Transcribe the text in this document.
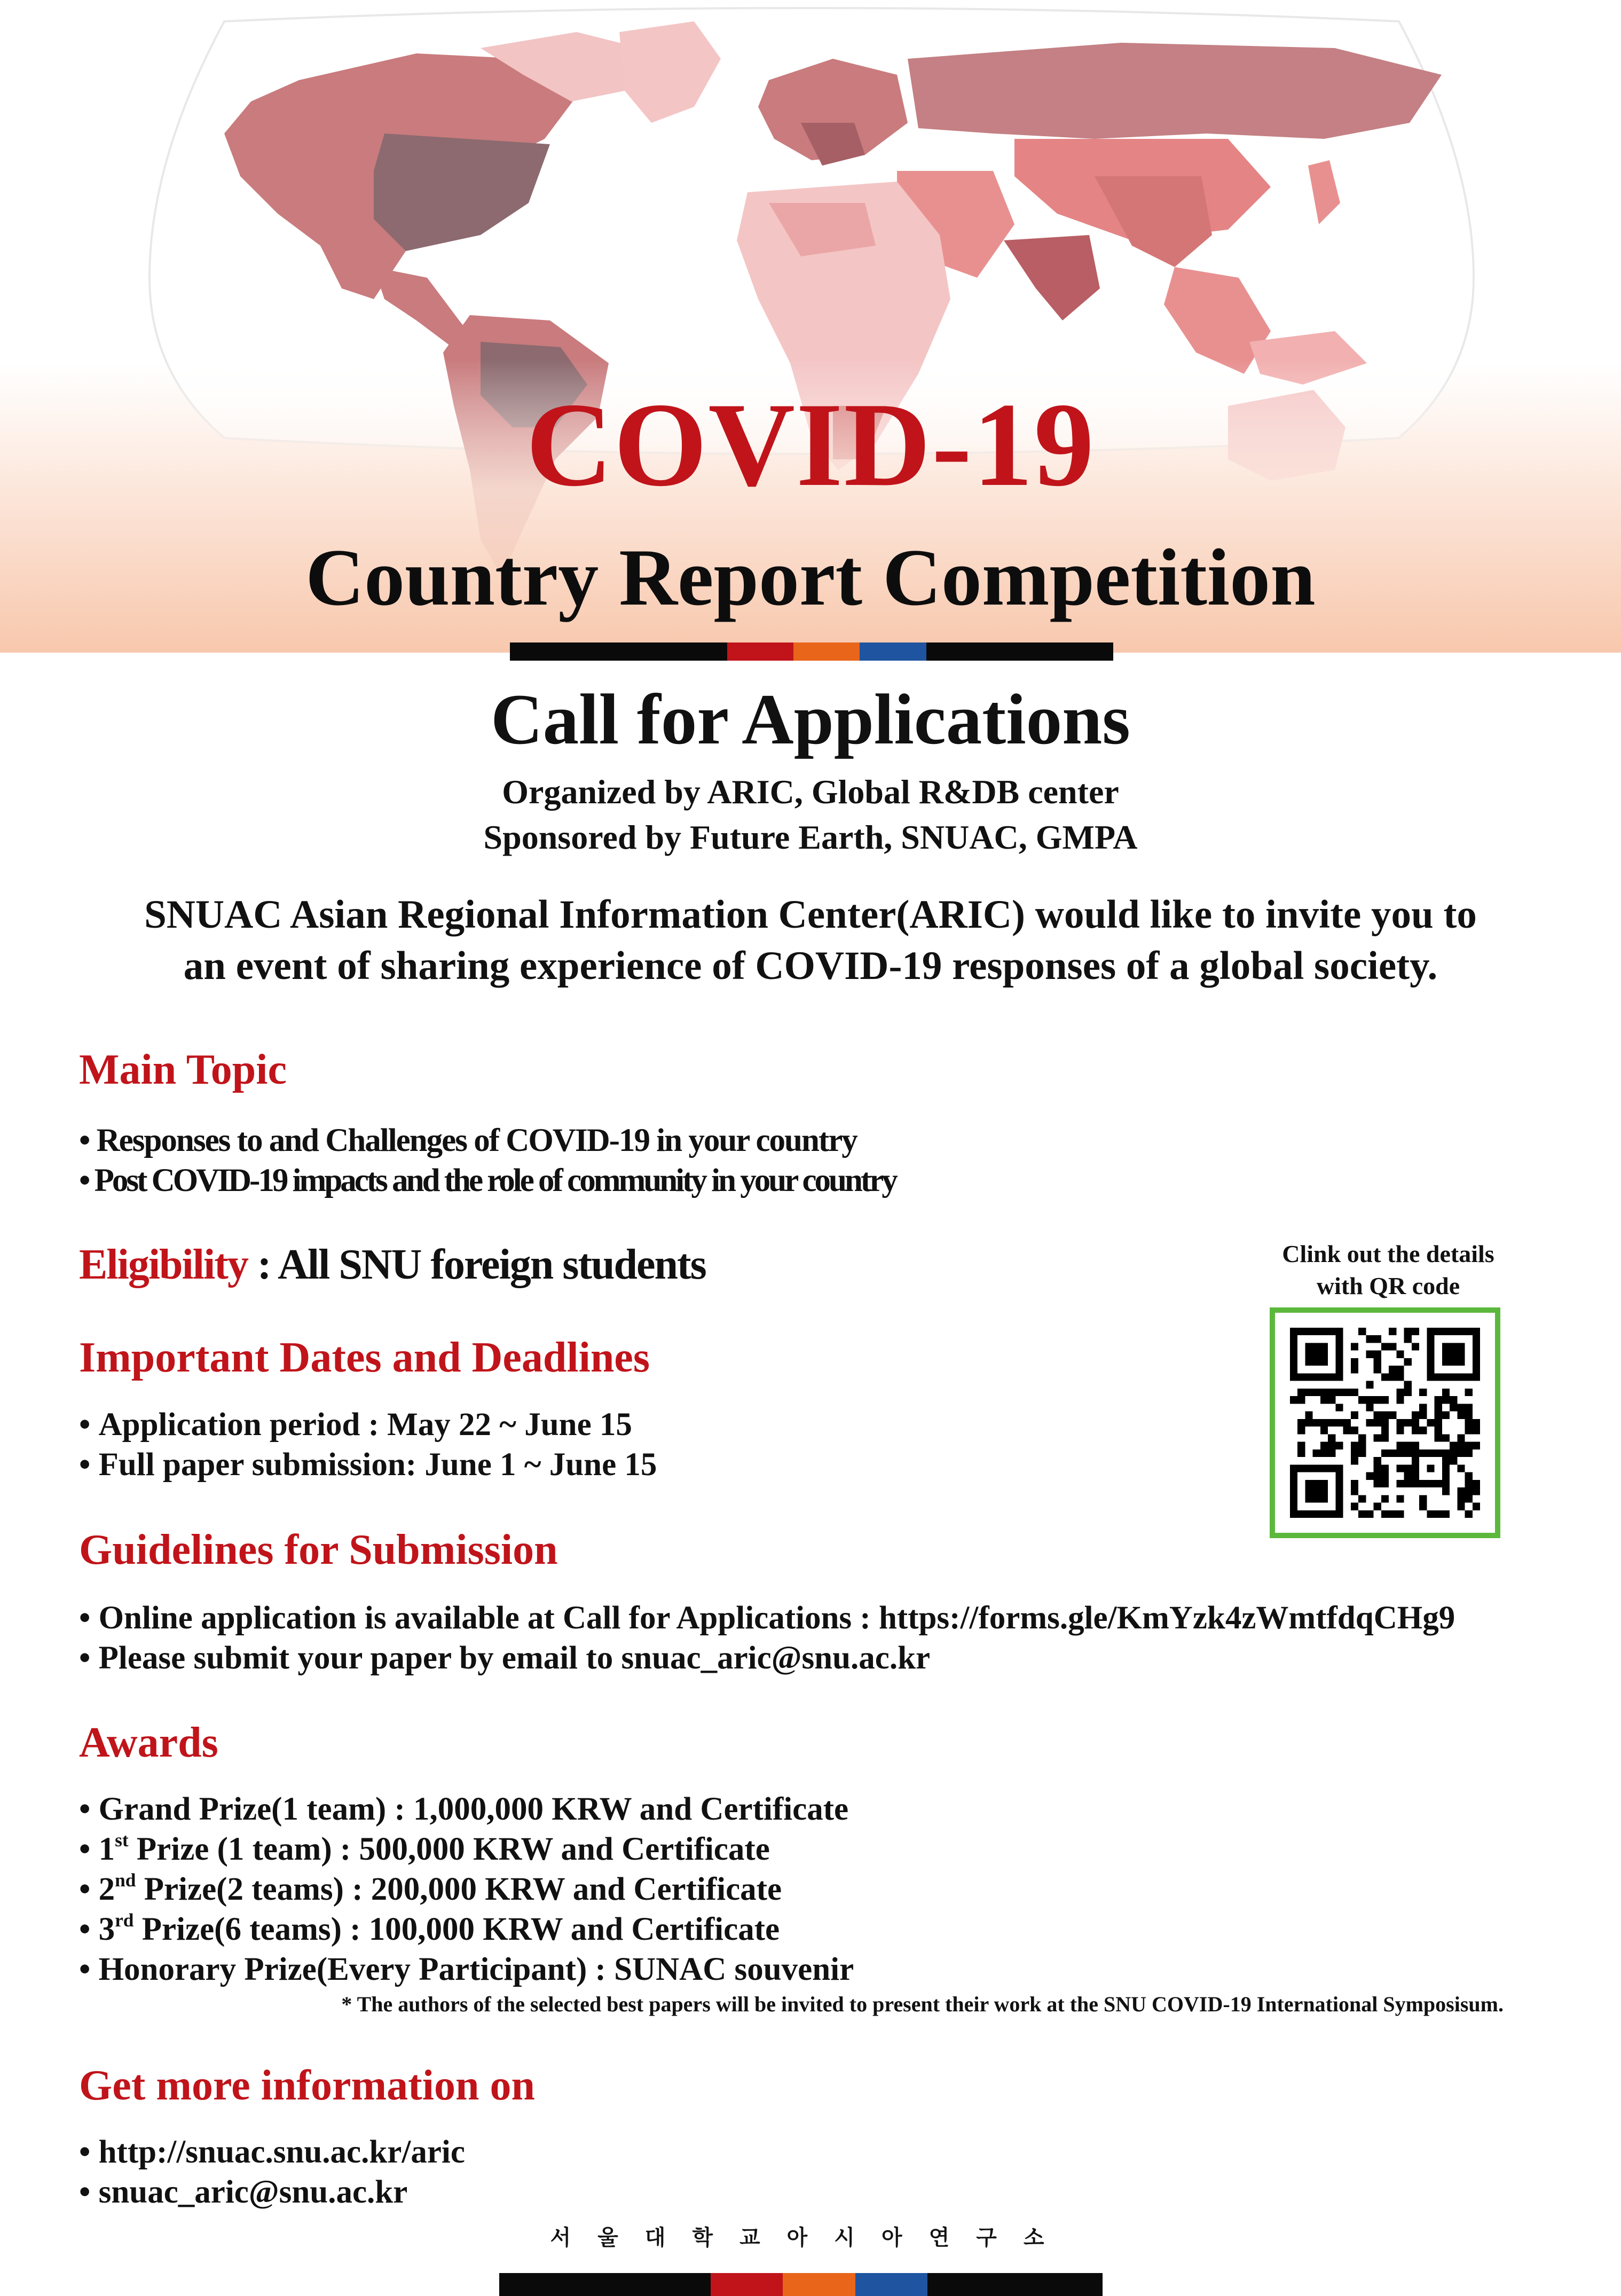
COVID-19
Country Report Competition
Call for Applications
Organized by ARIC, Global R&DB center
Sponsored by Future Earth, SNUAC, GMPA
SNUAC Asian Regional Information Center(ARIC) would like to invite you to
an event of sharing experience of COVID-19 responses of a global society.
Main Topic
• Responses to and Challenges of COVID-19 in your country
• Post COVID-19 impacts and the role of community in your country
Eligibility : All SNU foreign students	Clink out the details
with QR code
Important Dates and Deadlines
• Application period : May 22 ~ June 15
• Full paper submission: June 1 ~ June 15
Guidelines for Submission
• Online application is available at Call for Applications : https://forms.gle/KmYzk4zWmtfdqCHg9
• Please submit your paper by email to snuac_aric@snu.ac.kr
Awards
• Grand Prize(1 team) : 1,000,000 KRW and Certificate
• 1st Prize (1 team) : 500,000 KRW and Certificate
• 2nd Prize(2 teams) : 200,000 KRW and Certificate
• 3rd Prize(6 teams) : 100,000 KRW and Certificate
• Honorary Prize(Every Participant) : SUNAC souvenir
* The authors of the selected best papers will be invited to present their work at the SNU COVID-19 International Symposisum.
Get more information on
• http://snuac.snu.ac.kr/aric
• snuac_aric@snu.ac.kr
서울대학교아시아연구소
